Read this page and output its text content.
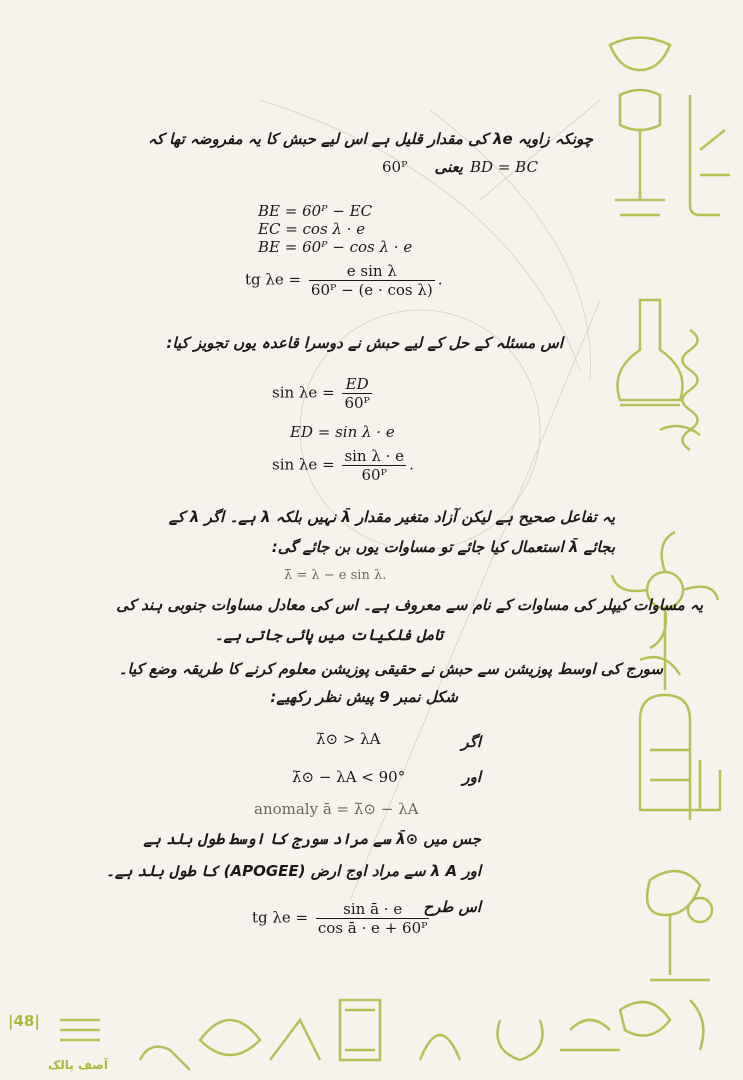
چونکہ زاویہ λe کی مقدار قلیل ہے اس لیے حبش کا یہ مفروضہ تھا کہ
60ᴾ یعنی BD = BC
BE = 60ᴾ − EC
EC = cos λ · e
BE = 60ᴾ − cos λ · e
tg $\lambda e = \frac{\text{e sin λ}}{\text{60ᴾ − (e · cos λ)}}$ .
اس مسئلہ کے حل کے لیے حبش نے دوسرا قاعدہ یوں تجویز کیا:
$\sin \lambda e = \frac{ED}{\text{60ᴾ}}$
ED = sin λ · e
$\sin \lambda e = \frac{\text{sin λ · e}}{\text{60ᴾ}}$ .
یہ تفاعل صحیح ہے لیکن آزاد متغیر مقدار λ̄ نہیں بلکہ λ ہے۔ اگر λ کے
بجائے λ̄ استعمال کیا جائے تو مساوات یوں بن جائے گی:
λ̄ = λ − e sin λ.
یہ مساوات کیپلر کی مساوات کے نام سے معروف ہے۔ اس کی معادل مساوات جنوبی ہند کی
تامل فلکیات میں پائی جاتی ہے۔
سورج کی اوسط پوزیشن سے حبش نے حقیقی پوزیشن معلوم کرنے کا طریقہ وضع کیا۔
شکل نمبر 9 پیش نظر رکھیے:
λ̄⊙ > λA	اگر
λ̄⊙ − λA < 90°	اور
anomaly ā = λ̄⊙ − λA
جس میں ⊙λ̄ سے مراد سورج کا اوسط طول بلد ہے
اور λ A سے مراد اوج ارض (APOGEE) کا طول بلد ہے۔
اس طرح
tg $\lambda e = \frac{\text{sin ā · e}}{\text{cos ā · e + 60ᴾ}}$
|48|
آصف پالک
